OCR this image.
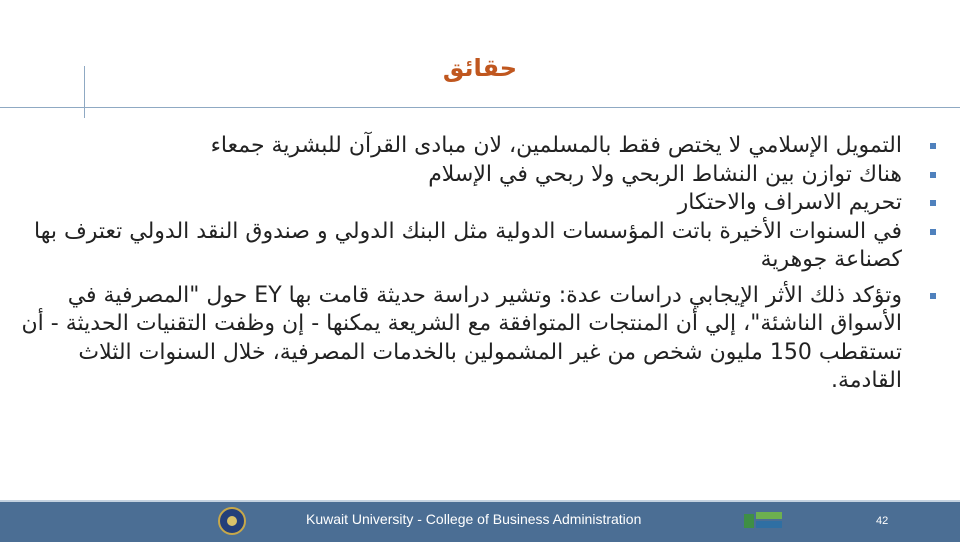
حقائق
التمويل الإسلامي لا يختص فقط بالمسلمين، لان مبادى القرآن للبشرية جمعاء
هناك توازن بين النشاط الربحي ولا ربحي في الإسلام
تحريم الاسراف والاحتكار
في السنوات الأخيرة باتت المؤسسات الدولية مثل البنك الدولي و صندوق النقد الدولي تعترف بها كصناعة جوهرية
وتؤكد ذلك الأثر الإيجابي دراسات عدة: وتشير دراسة حديثة قامت بها EY حول "المصرفية في الأسواق الناشئة"، إلي أن المنتجات المتوافقة مع الشريعة يمكنها - إن وظفت التقنيات الحديثة - أن تستقطب 150 مليون شخص من غير المشمولين بالخدمات المصرفية، خلال السنوات الثلاث القادمة.
Kuwait University - College of Business Administration	42
